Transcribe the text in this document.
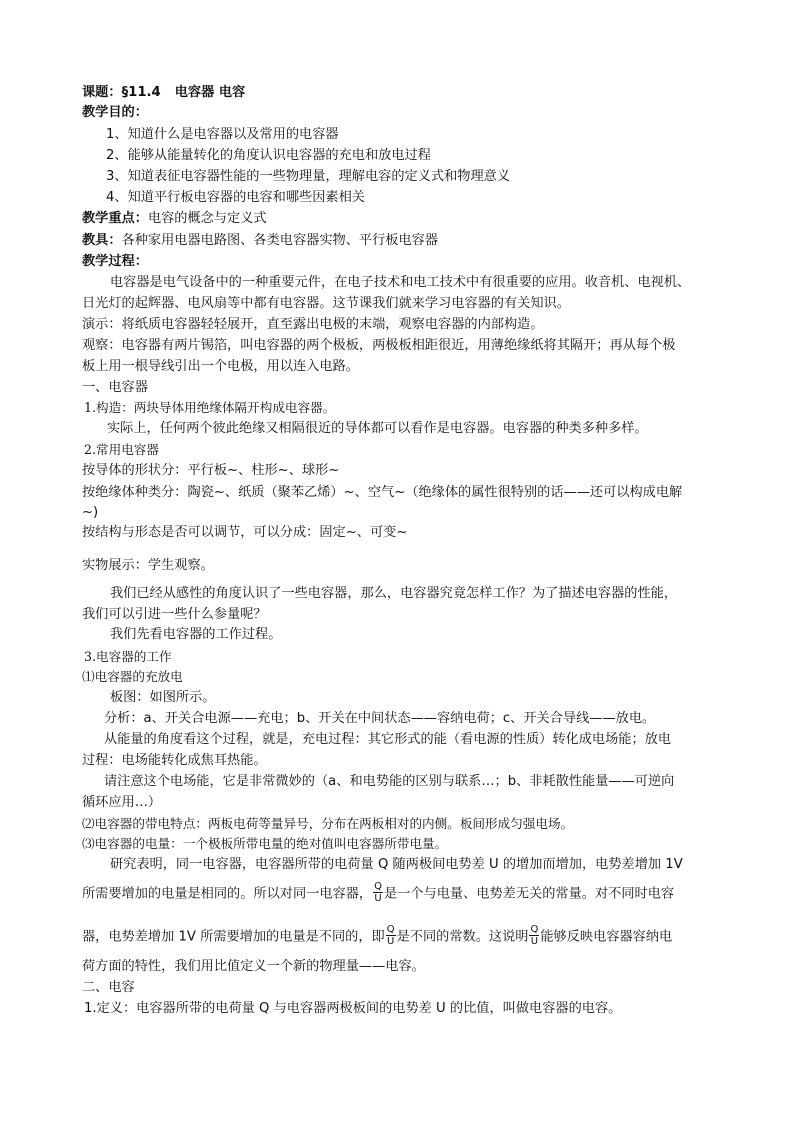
课题：§11.4 电容器 电容
教学目的：
1、知道什么是电容器以及常用的电容器
2、能够从能量转化的角度认识电容器的充电和放电过程
3、知道表征电容器性能的一些物理量，理解电容的定义式和物理意义
4、知道平行板电容器的电容和哪些因素相关
教学重点：电容的概念与定义式
教具：各种家用电器电路图、各类电容器实物、平行板电容器
教学过程：
电容器是电气设备中的一种重要元件，在电子技术和电工技术中有很重要的应用。收音机、电视机、
日光灯的起辉器、电风扇等中都有电容器。这节课我们就来学习电容器的有关知识。
演示：将纸质电容器轻轻展开，直至露出电极的末端，观察电容器的内部构造。
观察：电容器有两片锡箔，叫电容器的两个极板，两极板相距很近，用薄绝缘纸将其隔开；再从每个极
板上用一根导线引出一个电极，用以连入电路。
一、电容器
1.构造：两块导体用绝缘体隔开构成电容器。
实际上，任何两个彼此绝缘又相隔很近的导体都可以看作是电容器。电容器的种类多种多样。
2.常用电容器
按导体的形状分：平行板~、柱形~、球形~
按绝缘体种类分：陶瓷~、纸质（聚苯乙烯）~、空气~（绝缘体的属性很特别的话——还可以构成电解
~)
按结构与形态是否可以调节，可以分成：固定~、可变~
实物展示：学生观察。
我们已经从感性的角度认识了一些电容器，那么，电容器究竟怎样工作？为了描述电容器的性能，
我们可以引进一些什么参量呢？
我们先看电容器的工作过程。
3.电容器的工作
⑴电容器的充放电
板图：如图所示。
分析：a、开关合电源——充电；b、开关在中间状态——容纳电荷；c、开关合导线——放电。
从能量的角度看这个过程，就是，充电过程：其它形式的能（看电源的性质）转化成电场能；放电
过程：电场能转化成焦耳热能。
请注意这个电场能，它是非常微妙的（a、和电势能的区别与联系…；b、非耗散性能量——可逆向
循环应用…）
⑵电容器的带电特点：两板电荷等量异号，分布在两板相对的内侧。板间形成匀强电场。
⑶电容器的电量：一个极板所带电量的绝对值叫电容器所带电量。
研究表明，同一电容器，电容器所带的电荷量 Q 随两极间电势差 U 的增加而增加，电势差增加 1V
所需要增加的电量是相同的。所以对同一电容器， $\frac{Q}{U}$ 是一个与电量、电势差无关的常量。对不同时电容
器，电势差增加 1V 所需要增加的电量是不同的，即 $\frac{Q}{U}$ 是不同的常数。这说明 $\frac{Q}{U}$ 能够反映电容器容纳电
荷方面的特性，我们用比值定义一个新的物理量——电容。
二、电容
1.定义：电容器所带的电荷量 Q 与电容器两极板间的电势差 U 的比值，叫做电容器的电容。
